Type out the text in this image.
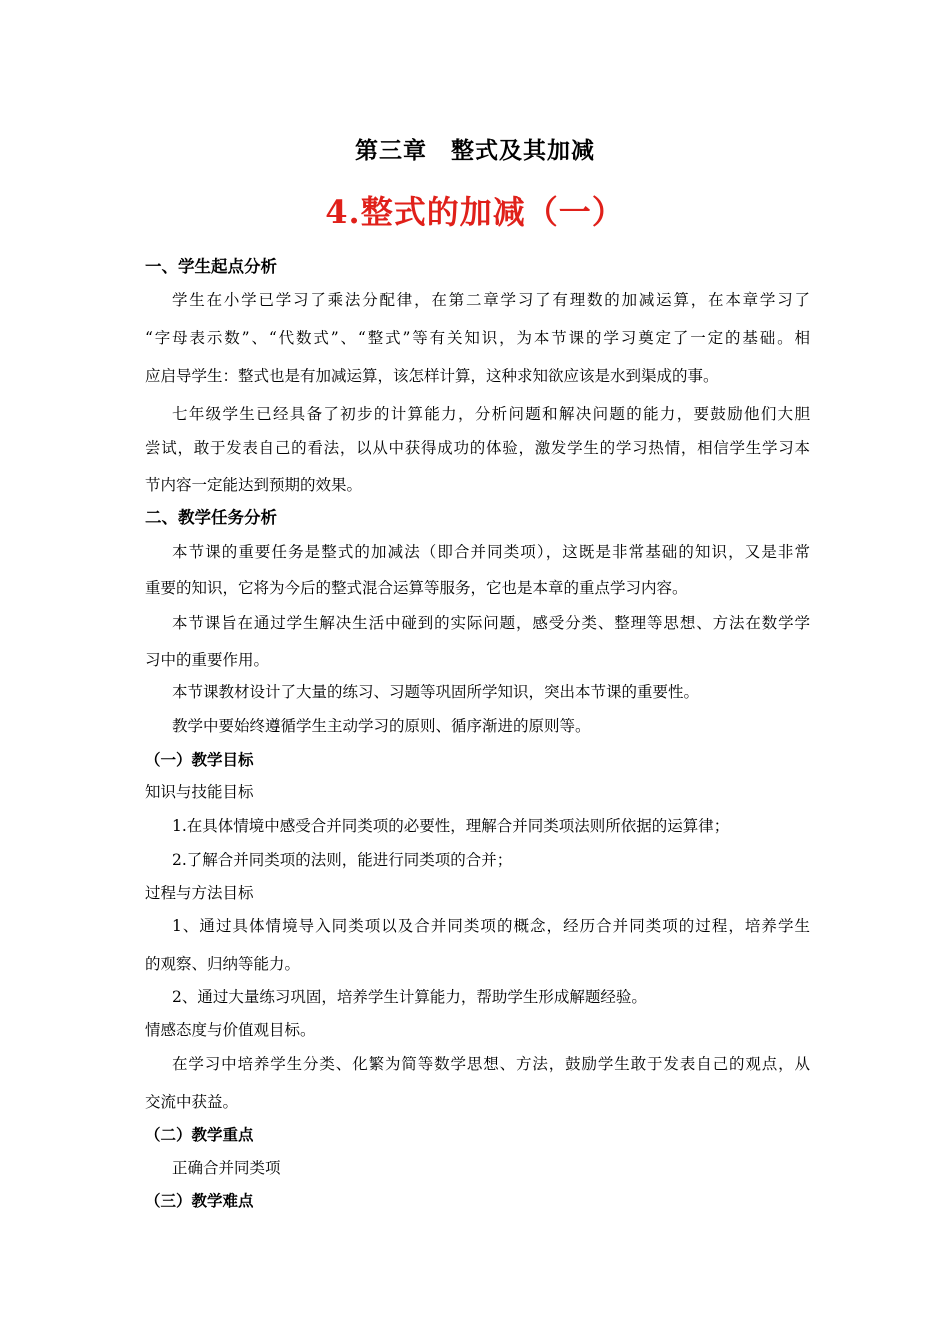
第三章　整式及其加减
4.整式的加减（一）
一、学生起点分析
学生在小学已学习了乘法分配律，在第二章学习了有理数的加减运算，在本章学习了
“字母表示数”、“代数式”、“整式”等有关知识，为本节课的学习奠定了一定的基础。相
应启导学生：整式也是有加减运算，该怎样计算，这种求知欲应该是水到渠成的事。
七年级学生已经具备了初步的计算能力，分析问题和解决问题的能力，要鼓励他们大胆
尝试，敢于发表自己的看法，以从中获得成功的体验，激发学生的学习热情，相信学生学习本
节内容一定能达到预期的效果。
二、教学任务分析
本节课的重要任务是整式的加减法（即合并同类项），这既是非常基础的知识，又是非常
重要的知识，它将为今后的整式混合运算等服务，它也是本章的重点学习内容。
本节课旨在通过学生解决生活中碰到的实际问题，感受分类、整理等思想、方法在数学学
习中的重要作用。
本节课教材设计了大量的练习、习题等巩固所学知识，突出本节课的重要性。
教学中要始终遵循学生主动学习的原则、循序渐进的原则等。
（一）教学目标
知识与技能目标
1.在具体情境中感受合并同类项的必要性，理解合并同类项法则所依据的运算律；
2.了解合并同类项的法则，能进行同类项的合并；
过程与方法目标
1、通过具体情境导入同类项以及合并同类项的概念，经历合并同类项的过程，培养学生
的观察、归纳等能力。
2、通过大量练习巩固，培养学生计算能力，帮助学生形成解题经验。
情感态度与价值观目标。
在学习中培养学生分类、化繁为简等数学思想、方法，鼓励学生敢于发表自己的观点，从
交流中获益。
（二）教学重点
正确合并同类项
（三）教学难点
